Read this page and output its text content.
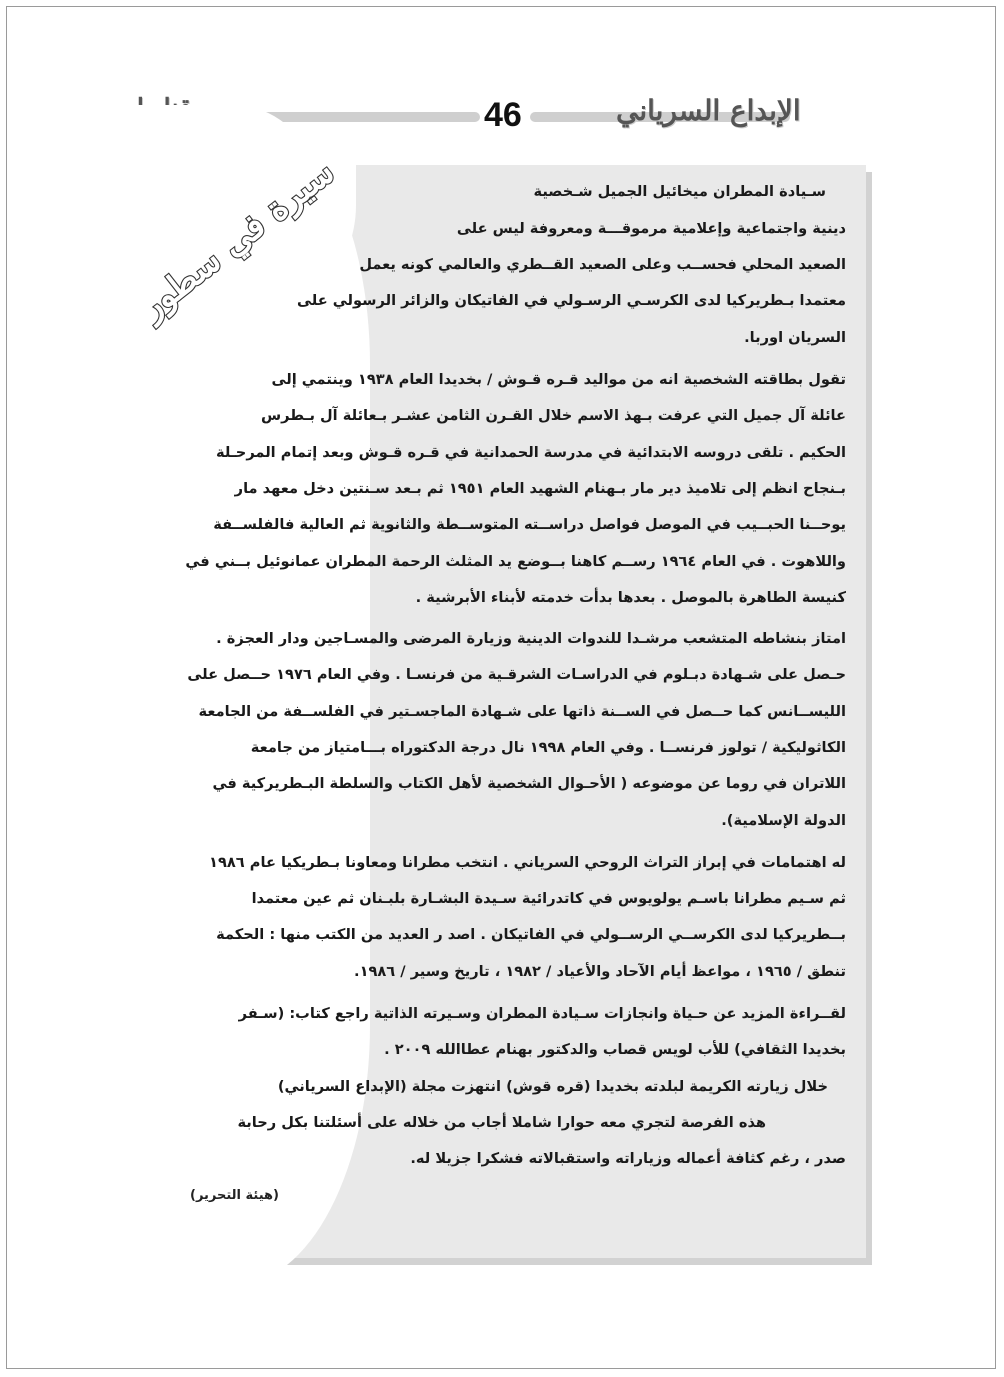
46	الإبداع السرياني
سيرة في سطور	سـيادة المطران ميخائيل الجميل شـخصية
دينية واجتماعية وإعلامية مرموقـــة ومعروفة ليس على
الصعيد المحلي فحســب وعلى الصعيد القــطري والعالمي كونه يعمل
معتمدا بـطريركيا لدى الكرسـي الرسـولي في الفاتيكان والزائر الرسولي على
السريان اوربا.
تقول بطاقته الشخصية انه من مواليد قـره قـوش / بخديدا العام ١٩٣٨ وينتمي إلى
عائلة آل جميل التي عرفت بـهذ الاسم خلال القـرن الثامن عشـر بـعائلة آل بـطرس
الحكيم . تلقى دروسه الابتدائية في مدرسة الحمدانية في قـره قـوش وبعد إتمام المرحـلة
بـنجاح انظم إلى تلاميذ دير مار بـهنام الشهيد العام ١٩٥١ ثم بـعد سـنتين دخل معهد مار
يوحــنا الحبــيب في الموصل فواصل دراســته المتوســطة والثانوية ثم العالية فالفلســفة
واللاهوت . في العام ١٩٦٤ رســم كاهنا بــوضع يد المثلث الرحمة المطران عمانوئيل بــني في
كنيسة الطاهرة بالموصل . بعدها بدأت خدمته لأبناء الأبرشية .
امتاز بنشاطه المتشعب مرشـدا للندوات الدينية وزيارة المرضى والمسـاجين ودار العجزة .
حـصل على شـهادة دبـلوم في الدراسـات الشرقـية من فرنسـا . وفي العام ١٩٧٦ حــصل على
الليســانس كما حــصل في الســنة ذاتها على شـهادة الماجسـتير في الفلســفة من الجامعة
الكاثوليكية / تولوز فرنســا . وفي العام ١٩٩٨ نال درجة الدكتوراه بـــامتياز من جامعة
اللاتران في روما عن موضوعه ( الأحـوال الشخصية لأهل الكتاب والسلطة البـطريركية في
الدولة الإسلامية).
له اهتمامات في إبراز التراث الروحي السرياني . انتخب مطرانا ومعاونا بـطريكيا عام ١٩٨٦
ثم سـيم مطرانا باسـم يولويوس في كاتدرائية سـيدة البشـارة بلبـنان ثم عين معتمدا
بــطريركيا لدى الكرســي الرســولي في الفاتيكان . اصد ر العديد من الكتب منها : الحكمة
تنطق / ١٩٦٥ ، مواعظ أيام الآحاد والأعياد / ١٩٨٢ ، تاريخ وسير / ١٩٨٦.
لقــراءة المزيد عن حـياة وانجازات سـيادة المطران وسـيرته الذاتية راجع كتاب: (سـفر
بخديدا الثقافي) للأب لويس قصاب والدكتور بهنام عطاالله ٢٠٠٩ .
خلال زيارته الكريمة لبلدته بخديدا (قره قوش) انتهزت مجلة (الإبداع السرياني)
هذه الفرصة لتجري معه حوارا شاملا أجاب من خلاله على أسئلتنا بكل رحابة
صدر ، رغم كثافة أعماله وزياراته واستقبالاته فشكرا جزيلا له.
(هيئة التحرير)
